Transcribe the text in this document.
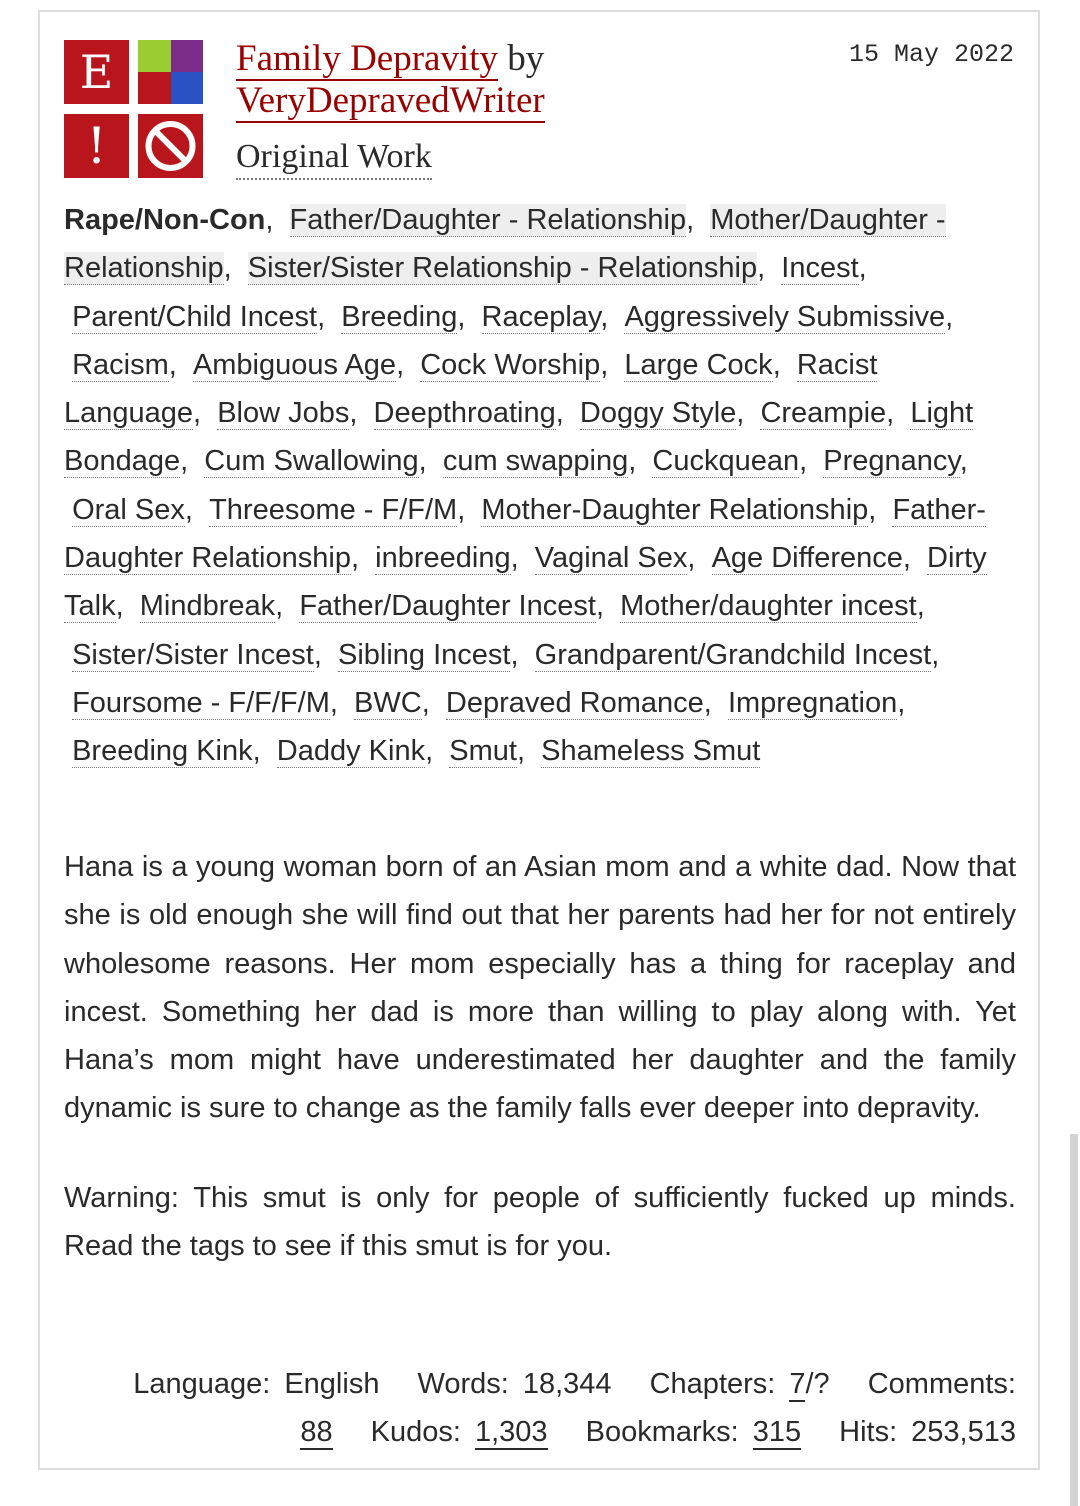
E
!
Family Depravity by
VeryDepravedWriter
Original Work
15 May 2022
Rape/Non-Con,  Father/Daughter - Relationship,  Mother/Daughter - Relationship,  Sister/Sister Relationship - Relationship,  Incest,  Parent/Child Incest,  Breeding,  Raceplay,  Aggressively Submissive,  Racism,  Ambiguous Age,  Cock Worship,  Large Cock,  Racist Language,  Blow Jobs,  Deepthroating,  Doggy Style,  Creampie,  Light Bondage,  Cum Swallowing,  cum swapping,  Cuckquean,  Pregnancy,  Oral Sex,  Threesome - F/F/M,  Mother-Daughter Relationship,  Father-Daughter Relationship,  inbreeding,  Vaginal Sex,  Age Difference,  Dirty Talk,  Mindbreak,  Father/Daughter Incest,  Mother/daughter incest,  Sister/Sister Incest,  Sibling Incest,  Grandparent/Grandchild Incest,  Foursome - F/F/F/M,  BWC,  Depraved Romance,  Impregnation,  Breeding Kink,  Daddy Kink,  Smut,  Shameless Smut

Hana is a young woman born of an Asian mom and a white dad. Now that she is old enough she will find out that her parents had her for not entirely wholesome reasons. Her mom especially has a thing for raceplay and incest. Something her dad is more than willing to play along with. Yet Hana’s mom might have underestimated her daughter and the family dynamic is sure to change as the family falls ever deeper into depravity.

Warning: This smut is only for people of sufficiently fucked up minds. Read the tags to see if this smut is for you.

Language: English Words: 18,344 Chapters: 7/? Comments:
88 Kudos: 1,303 Bookmarks: 315 Hits: 253,513
